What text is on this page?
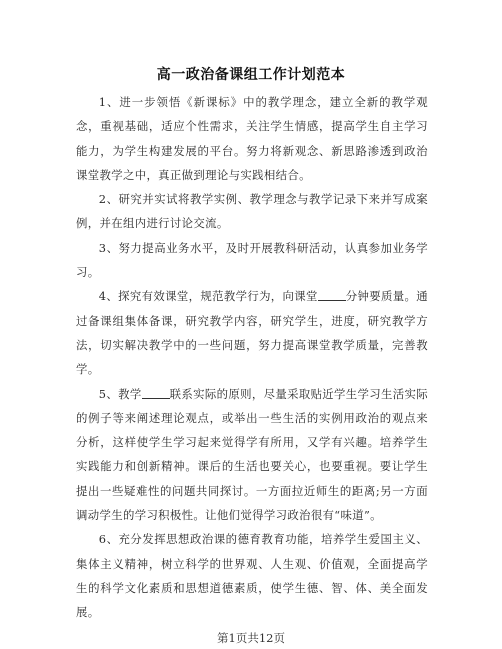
高一政治备课组工作计划范本

1、进一步领悟《新课标》中的教学理念，建立全新的教学观念，重视基础，适应个性需求，关注学生情感，提高学生自主学习能力，为学生构建发展的平台。努力将新观念、新思路渗透到政治课堂教学之中，真正做到理论与实践相结合。

2、研究并实试将教学实例、教学理念与教学记录下来并写成案例，并在组内进行讨论交流。

3、努力提高业务水平，及时开展教科研活动，认真参加业务学习。

4、探究有效课堂，规范教学行为，向课堂 分钟要质量。通过备课组集体备课，研究教学内容，研究学生，进度，研究教学方法，切实解决教学中的一些问题，努力提高课堂教学质量，完善教学。

5、教学 联系实际的原则，尽量采取贴近学生学习生活实际的例子等来阐述理论观点，或举出一些生活的实例用政治的观点来分析，这样使学生学习起来觉得学有所用，又学有兴趣。培养学生实践能力和创新精神。课后的生活也要关心，也要重视。要让学生提出一些疑难性的问题共同探讨。一方面拉近师生的距离;另一方面调动学生的学习积极性。让他们觉得学习政治很有“味道”。

6、充分发挥思想政治课的德育教育功能，培养学生爱国主义、集体主义精神，树立科学的世界观、人生观、价值观，全面提高学生的科学文化素质和思想道德素质，使学生德、智、体、美全面发展。

第1页共12页
